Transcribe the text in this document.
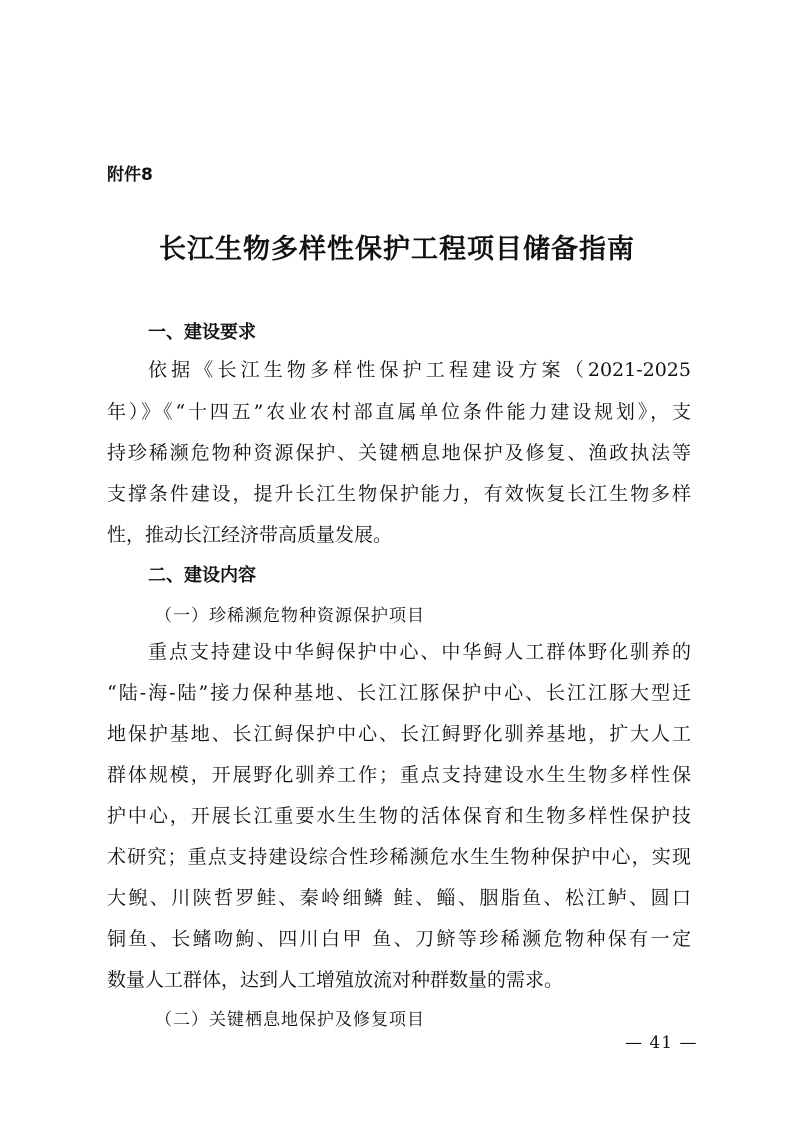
附件8
长江生物多样性保护工程项目储备指南
一、建设要求
依据《长江生物多样性保护工程建设方案（2021-2025
年）》《“十四五”农业农村部直属单位条件能力建设规划》，支
持珍稀濒危物种资源保护、关键栖息地保护及修复、渔政执法等
支撑条件建设，提升长江生物保护能力，有效恢复长江生物多样
性，推动长江经济带高质量发展。
二、建设内容
（一）珍稀濒危物种资源保护项目
重点支持建设中华鲟保护中心、中华鲟人工群体野化驯养的
“陆-海-陆”接力保种基地、长江江豚保护中心、长江江豚大型迁
地保护基地、长江鲟保护中心、长江鲟野化驯养基地，扩大人工
群体规模，开展野化驯养工作；重点支持建设水生生物多样性保
护中心，开展长江重要水生生物的活体保育和生物多样性保护技
术研究；重点支持建设综合性珍稀濒危水生生物种保护中心，实现
大鲵、川陕哲罗鲑、秦岭细鳞 鲑、鲻、胭脂鱼、松江鲈、圆口
铜鱼、长鳍吻鮈、四川白甲 鱼、刀鲚等珍稀濒危物种保有一定
数量人工群体，达到人工增殖放流对种群数量的需求。
（二）关键栖息地保护及修复项目
— 41 —
